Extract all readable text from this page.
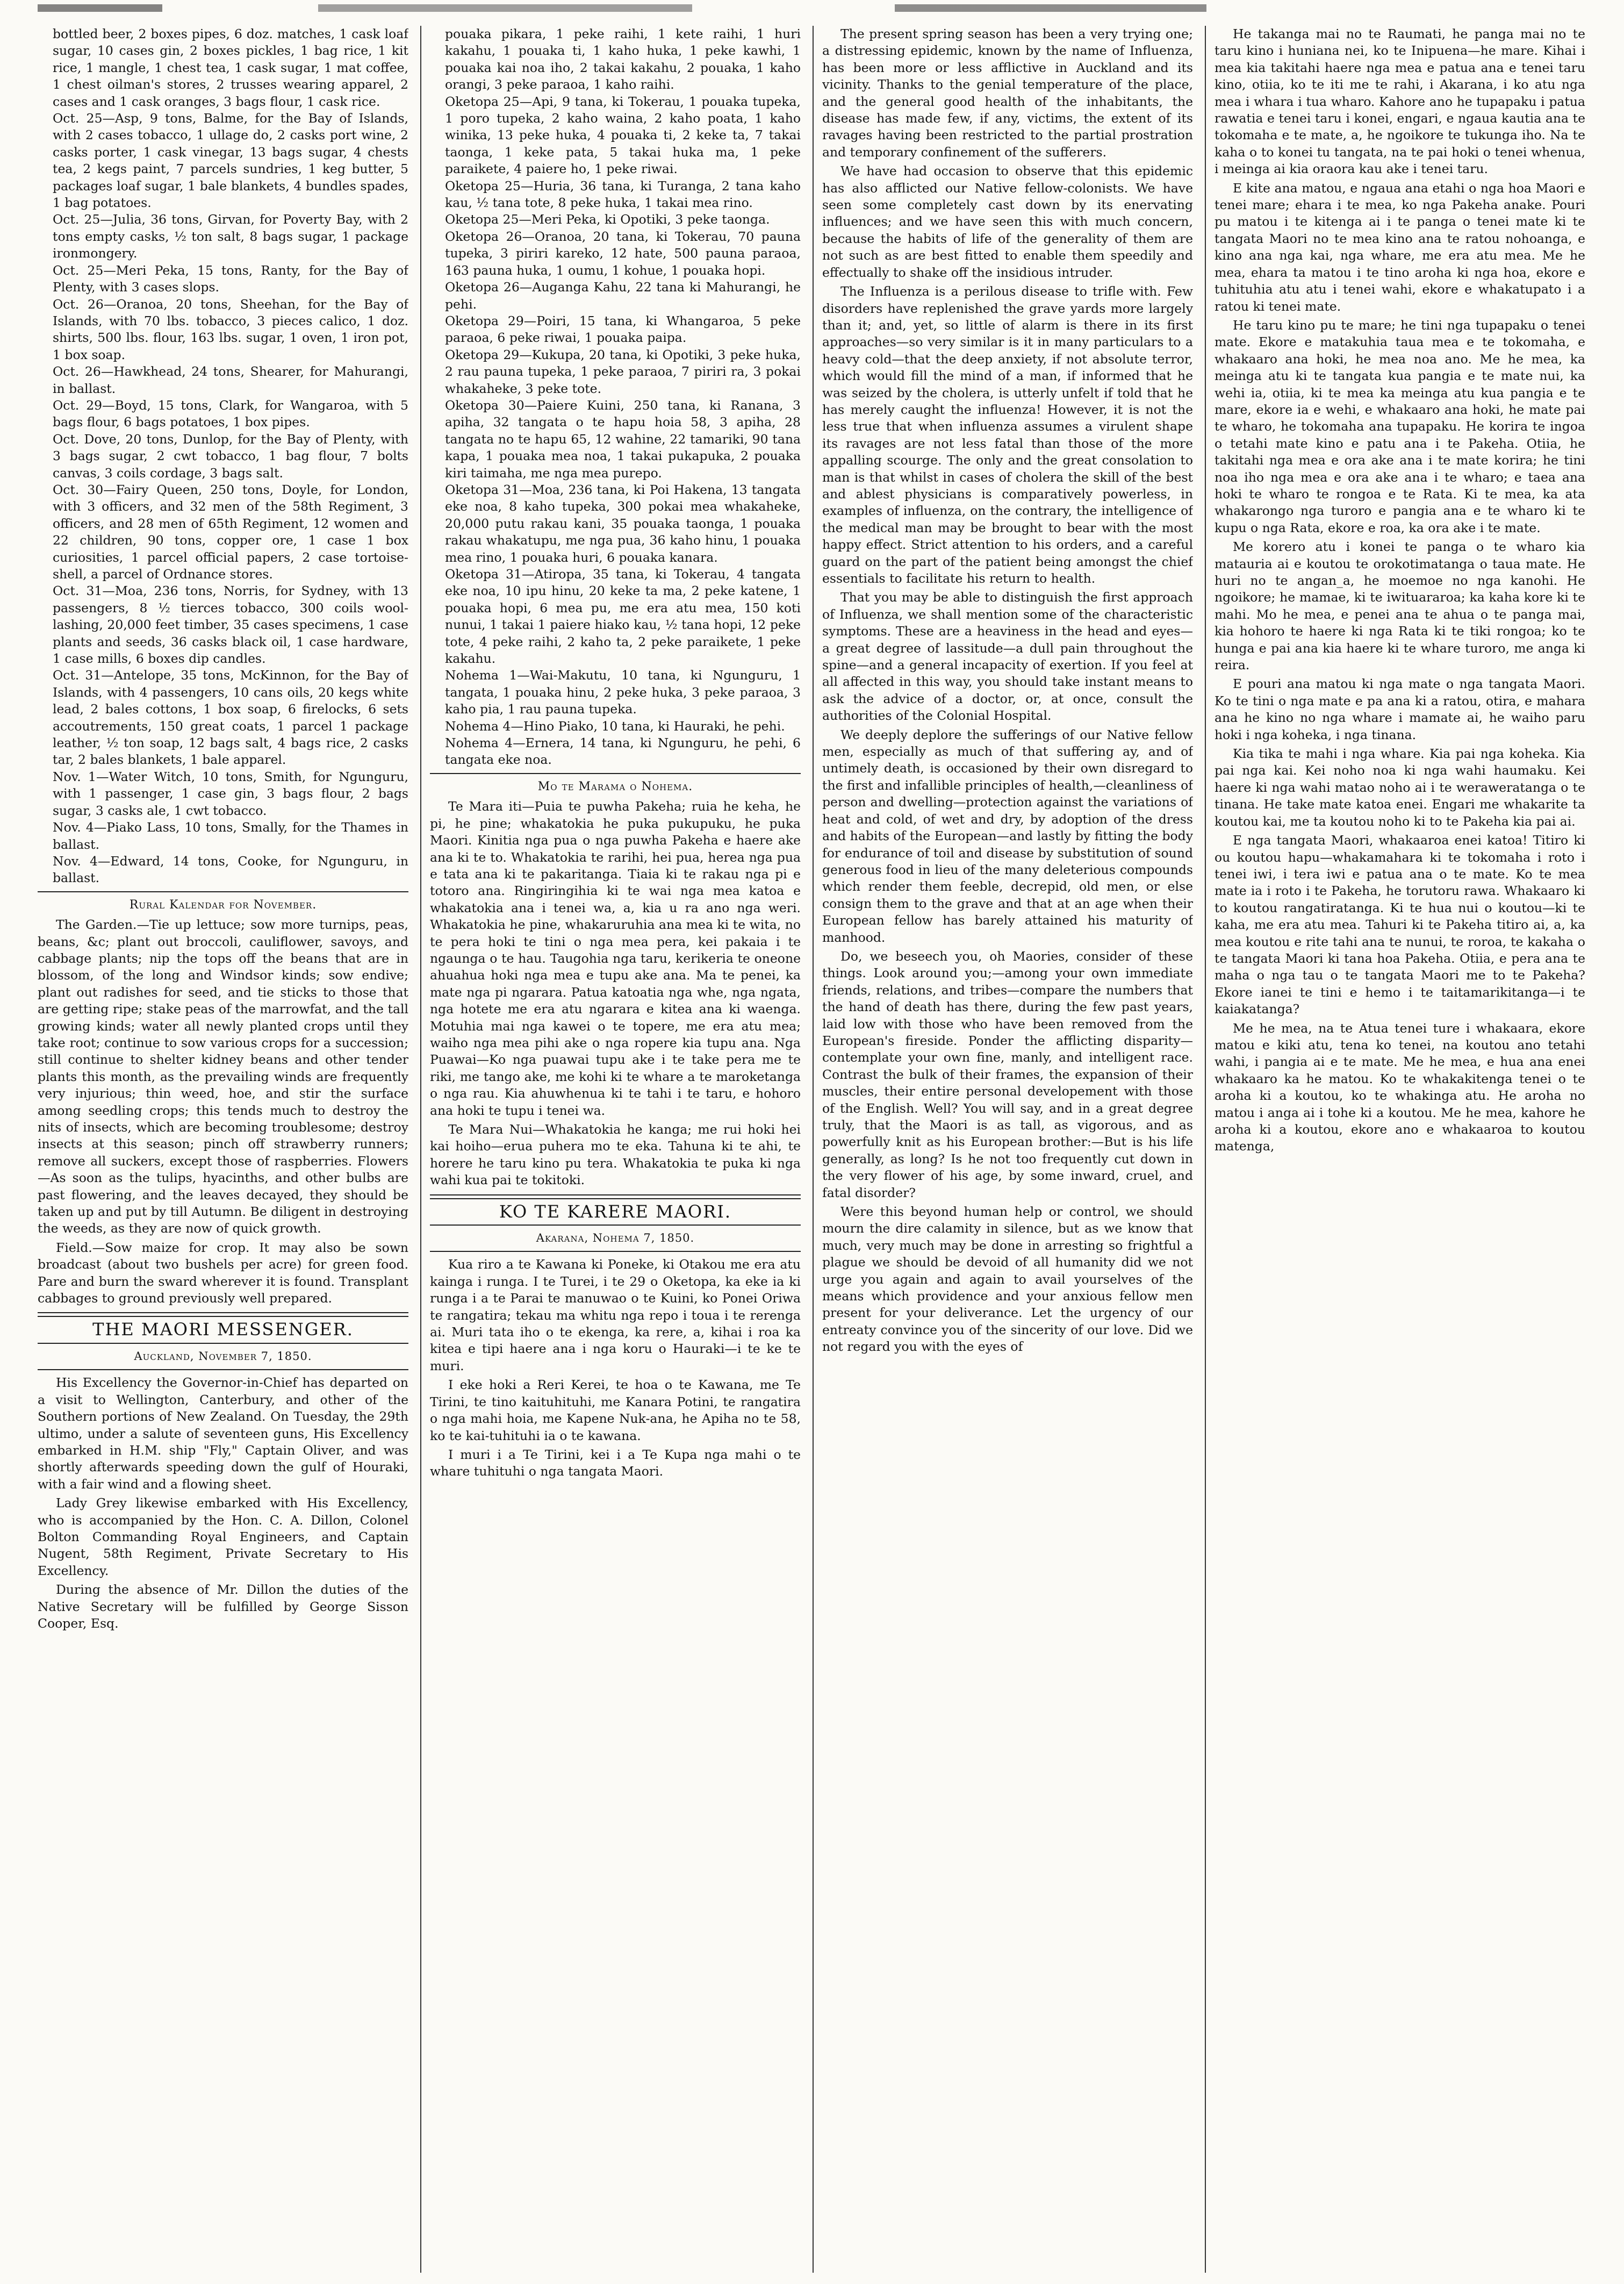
bottled beer, 2 boxes pipes, 6 doz. matches, 1 cask loaf sugar, 10 cases gin, 2 boxes pickles, 1 bag rice, 1 kit rice, 1 mangle, 1 chest tea, 1 cask sugar, 1 mat coffee, 1 chest oilman's stores, 2 trusses wearing apparel, 2 cases and 1 cask oranges, 3 bags flour, 1 cask rice.

Oct. 25—Asp, 9 tons, Balme, for the Bay of Islands, with 2 cases tobacco, 1 ullage do, 2 casks port wine, 2 casks porter, 1 cask vinegar, 13 bags sugar, 4 chests tea, 2 kegs paint, 7 parcels sundries, 1 keg butter, 5 packages loaf sugar, 1 bale blankets, 4 bundles spades, 1 bag potatoes.

Oct. 25—Julia, 36 tons, Girvan, for Poverty Bay, with 2 tons empty casks, ½ ton salt, 8 bags sugar, 1 package ironmongery.

Oct. 25—Meri Peka, 15 tons, Ranty, for the Bay of Plenty, with 3 cases slops.

Oct. 26—Oranoa, 20 tons, Sheehan, for the Bay of Islands, with 70 lbs. tobacco, 3 pieces calico, 1 doz. shirts, 500 lbs. flour, 163 lbs. sugar, 1 oven, 1 iron pot, 1 box soap.

Oct. 26—Hawkhead, 24 tons, Shearer, for Mahurangi, in ballast.

Oct. 29—Boyd, 15 tons, Clark, for Wangaroa, with 5 bags flour, 6 bags potatoes, 1 box pipes.

Oct. Dove, 20 tons, Dunlop, for the Bay of Plenty, with 3 bags sugar, 2 cwt tobacco, 1 bag flour, 7 bolts canvas, 3 coils cordage, 3 bags salt.

Oct. 30—Fairy Queen, 250 tons, Doyle, for London, with 3 officers, and 32 men of the 58th Regiment, 3 officers, and 28 men of 65th Regiment, 12 women and 22 children, 90 tons, copper ore, 1 case 1 box curiosities, 1 parcel official papers, 2 case tortoise-shell, a parcel of Ordnance stores.

Oct. 31—Moa, 236 tons, Norris, for Sydney, with 13 passengers, 8 ½ tierces tobacco, 300 coils wool-lashing, 20,000 feet timber, 35 cases specimens, 1 case plants and seeds, 36 casks black oil, 1 case hardware, 1 case mills, 6 boxes dip candles.

Oct. 31—Antelope, 35 tons, McKinnon, for the Bay of Islands, with 4 passengers, 10 cans oils, 20 kegs white lead, 2 bales cottons, 1 box soap, 6 firelocks, 6 sets accoutrements, 150 great coats, 1 parcel 1 package leather, ½ ton soap, 12 bags salt, 4 bags rice, 2 casks tar, 2 bales blankets, 1 bale apparel.

Nov. 1—Water Witch, 10 tons, Smith, for Ngunguru, with 1 passenger, 1 case gin, 3 bags flour, 2 bags sugar, 3 casks ale, 1 cwt tobacco.

Nov. 4—Piako Lass, 10 tons, Smally, for the Thames in ballast.

Nov. 4—Edward, 14 tons, Cooke, for Ngunguru, in ballast.

Rural Kalendar for November.

The Garden.—Tie up lettuce; sow more turnips, peas, beans, &c; plant out broccoli, cauliflower, savoys, and cabbage plants; nip the tops off the beans that are in blossom, of the long and Windsor kinds; sow endive; plant out radishes for seed, and tie sticks to those that are getting ripe; stake peas of the marrowfat, and the tall growing kinds; water all newly planted crops until they take root; continue to sow various crops for a succession; still continue to shelter kidney beans and other tender plants this month, as the prevailing winds are frequently very injurious; thin weed, hoe, and stir the surface among seedling crops; this tends much to destroy the nits of insects, which are becoming troublesome; destroy insects at this season; pinch off strawberry runners; remove all suckers, except those of raspberries. Flowers—As soon as the tulips, hyacinths, and other bulbs are past flowering, and the leaves decayed, they should be taken up and put by till Autumn. Be diligent in destroying the weeds, as they are now of quick growth.

Field.—Sow maize for crop. It may also be sown broadcast (about two bushels per acre) for green food. Pare and burn the sward wherever it is found. Transplant cabbages to ground previously well prepared.

THE MAORI MESSENGER.
Auckland, November 7, 1850.

His Excellency the Governor-in-Chief has departed on a visit to Wellington, Canterbury, and other of the Southern portions of New Zealand. On Tuesday, the 29th ultimo, under a salute of seventeen guns, His Excellency embarked in H.M. ship "Fly," Captain Oliver, and was shortly afterwards speeding down the gulf of Houraki, with a fair wind and a flowing sheet.

Lady Grey likewise embarked with His Excellency, who is accompanied by the Hon. C. A. Dillon, Colonel Bolton Commanding Royal Engineers, and Captain Nugent, 58th Regiment, Private Secretary to His Excellency.

During the absence of Mr. Dillon the duties of the Native Secretary will be fulfilled by George Sisson Cooper, Esq.

pouaka pikara, 1 peke raihi, 1 kete raihi, 1 huri kakahu, 1 pouaka ti, 1 kaho huka, 1 peke kawhi, 1 pouaka kai noa iho, 2 takai kakahu, 2 pouaka, 1 kaho orangi, 3 peke paraoa, 1 kaho raihi.

Oketopa 25—Api, 9 tana, ki Tokerau, 1 pouaka tupeka, 1 poro tupeka, 2 kaho waina, 2 kaho poata, 1 kaho winika, 13 peke huka, 4 pouaka ti, 2 keke ta, 7 takai taonga, 1 keke pata, 5 takai huka ma, 1 peke paraikete, 4 paiere ho, 1 peke riwai.

Oketopa 25—Huria, 36 tana, ki Turanga, 2 tana kaho kau, ½ tana tote, 8 peke huka, 1 takai mea rino.

Oketopa 25—Meri Peka, ki Opotiki, 3 peke taonga.

Oketopa 26—Oranoa, 20 tana, ki Tokerau, 70 pauna tupeka, 3 piriri kareko, 12 hate, 500 pauna paraoa, 163 pauna huka, 1 oumu, 1 kohue, 1 pouaka hopi.

Oketopa 26—Auganga Kahu, 22 tana ki Mahurangi, he pehi.

Oketopa 29—Poiri, 15 tana, ki Whangaroa, 5 peke paraoa, 6 peke riwai, 1 pouaka paipa.

Oketopa 29—Kukupa, 20 tana, ki Opotiki, 3 peke huka, 2 rau pauna tupeka, 1 peke paraoa, 7 piriri ra, 3 pokai whakaheke, 3 peke tote.

Oketopa 30—Paiere Kuini, 250 tana, ki Ranana, 3 apiha, 32 tangata o te hapu hoia 58, 3 apiha, 28 tangata no te hapu 65, 12 wahine, 22 tamariki, 90 tana kapa, 1 pouaka mea noa, 1 takai pukapuka, 2 pouaka kiri taimaha, me nga mea purepo.

Oketopa 31—Moa, 236 tana, ki Poi Hakena, 13 tangata eke noa, 8 kaho tupeka, 300 pokai mea whakaheke, 20,000 putu rakau kani, 35 pouaka taonga, 1 pouaka rakau whakatupu, me nga pua, 36 kaho hinu, 1 pouaka mea rino, 1 pouaka huri, 6 pouaka kanara.

Oketopa 31—Atiropa, 35 tana, ki Tokerau, 4 tangata eke noa, 10 ipu hinu, 20 keke ta ma, 2 peke katene, 1 pouaka hopi, 6 mea pu, me era atu mea, 150 koti nunui, 1 takai 1 paiere hiako kau, ½ tana hopi, 12 peke tote, 4 peke raihi, 2 kaho ta, 2 peke paraikete, 1 peke kakahu.

Nohema 1—Wai-Makutu, 10 tana, ki Ngunguru, 1 tangata, 1 pouaka hinu, 2 peke huka, 3 peke paraoa, 3 kaho pia, 1 rau pauna tupeka.

Nohema 4—Hino Piako, 10 tana, ki Hauraki, he pehi.

Nohema 4—Ernera, 14 tana, ki Ngunguru, he pehi, 6 tangata eke noa.

Mo te Marama o Nohema.

Te Mara iti—Puia te puwha Pakeha; ruia he keha, he pi, he pine; whakatokia he puka pukupuku, he puka Maori. Kinitia nga pua o nga puwha Pakeha e haere ake ana ki te to. Whakatokia te rarihi, hei pua, herea nga pua e tata ana ki te pakaritanga. Tiaia ki te rakau nga pi e totoro ana. Ringiringihia ki te wai nga mea katoa e whakatokia ana i tenei wa, a, kia u ra ano nga weri. Whakatokia he pine, whakaruruhia ana mea ki te wita, no te pera hoki te tini o nga mea pera, kei pakaia i te ngaunga o te hau. Taugohia nga taru, kerikeria te oneone ahuahua hoki nga mea e tupu ake ana. Ma te penei, ka mate nga pi ngarara. Patua katoatia nga whe, nga ngata, nga hotete me era atu ngarara e kitea ana ki waenga. Motuhia mai nga kawei o te topere, me era atu mea; waiho nga mea pihi ake o nga ropere kia tupu ana. Nga Puawai—Ko nga puawai tupu ake i te take pera me te riki, me tango ake, me kohi ki te whare a te maroketanga o nga rau. Kia ahuwhenua ki te tahi i te taru, e hohoro ana hoki te tupu i tenei wa.

Te Mara Nui—Whakatokia he kanga; me rui hoki hei kai hoiho—erua puhera mo te eka. Tahuna ki te ahi, te horere he taru kino pu tera. Whakatokia te puka ki nga wahi kua pai te tokitoki.

KO TE KARERE MAORI.
Akarana, Nohema 7, 1850.

Kua riro a te Kawana ki Poneke, ki Otakou me era atu kainga i runga. I te Turei, i te 29 o Oketopa, ka eke ia ki runga i a te Parai te manuwao o te Kuini, ko Ponei Oriwa te rangatira; tekau ma whitu nga repo i toua i te rerenga ai. Muri tata iho o te ekenga, ka rere, a, kihai i roa ka kitea e tipi haere ana i nga koru o Hauraki—i te ke te muri.

I eke hoki a Reri Kerei, te hoa o te Kawana, me Te Tirini, te tino kaituhituhi, me Kanara Potini, te rangatira o nga mahi hoia, me Kapene Nuk-ana, he Apiha no te 58, ko te kai-tuhituhi ia o te kawana.

I muri i a Te Tirini, kei i a Te Kupa nga mahi o te whare tuhituhi o nga tangata Maori.

The present spring season has been a very trying one; a distressing epidemic, known by the name of Influenza, has been more or less afflictive in Auckland and its vicinity. Thanks to the genial temperature of the place, and the general good health of the inhabitants, the disease has made few, if any, victims, the extent of its ravages having been restricted to the partial prostration and temporary confinement of the sufferers.

We have had occasion to observe that this epidemic has also afflicted our Native fellow-colonists. We have seen some completely cast down by its enervating influences; and we have seen this with much concern, because the habits of life of the generality of them are not such as are best fitted to enable them speedily and effectually to shake off the insidious intruder.

The Influenza is a perilous disease to trifle with. Few disorders have replenished the grave yards more largely than it; and, yet, so little of alarm is there in its first approaches—so very similar is it in many particulars to a heavy cold—that the deep anxiety, if not absolute terror, which would fill the mind of a man, if informed that he was seized by the cholera, is utterly unfelt if told that he has merely caught the influenza! However, it is not the less true that when influenza assumes a virulent shape its ravages are not less fatal than those of the more appalling scourge. The only and the great consolation to man is that whilst in cases of cholera the skill of the best and ablest physicians is comparatively powerless, in examples of influenza, on the contrary, the intelligence of the medical man may be brought to bear with the most happy effect. Strict attention to his orders, and a careful guard on the part of the patient being amongst the chief essentials to facilitate his return to health.

That you may be able to distinguish the first approach of Influenza, we shall mention some of the characteristic symptoms. These are a heaviness in the head and eyes—a great degree of lassitude—a dull pain throughout the spine—and a general incapacity of exertion. If you feel at all affected in this way, you should take instant means to ask the advice of a doctor, or, at once, consult the authorities of the Colonial Hospital.

We deeply deplore the sufferings of our Native fellow men, especially as much of that suffering ay, and of untimely death, is occasioned by their own disregard to the first and infallible principles of health,—cleanliness of person and dwelling—protection against the variations of heat and cold, of wet and dry, by adoption of the dress and habits of the European—and lastly by fitting the body for endurance of toil and disease by substitution of sound generous food in lieu of the many deleterious compounds which render them feeble, decrepid, old men, or else consign them to the grave and that at an age when their European fellow has barely attained his maturity of manhood.

Do, we beseech you, oh Maories, consider of these things. Look around you;—among your own immediate friends, relations, and tribes—compare the numbers that the hand of death has there, during the few past years, laid low with those who have been removed from the European's fireside. Ponder the afflicting disparity—contemplate your own fine, manly, and intelligent race. Contrast the bulk of their frames, the expansion of their muscles, their entire personal developement with those of the English. Well? You will say, and in a great degree truly, that the Maori is as tall, as vigorous, and as powerfully knit as his European brother:—But is his life generally, as long? Is he not too frequently cut down in the very flower of his age, by some inward, cruel, and fatal disorder?

Were this beyond human help or control, we should mourn the dire calamity in silence, but as we know that much, very much may be done in arresting so frightful a plague we should be devoid of all humanity did we not urge you again and again to avail yourselves of the means which providence and your anxious fellow men present for your deliverance. Let the urgency of our entreaty convince you of the sincerity of our love. Did we not regard you with the eyes of

He takanga mai no te Raumati, he panga mai no te taru kino i huniana nei, ko te Inipuena—he mare. Kihai i mea kia takitahi haere nga mea e patua ana e tenei taru kino, otiia, ko te iti me te rahi, i Akarana, i ko atu nga mea i whara i tua wharo. Kahore ano he tupapaku i patua rawatia e tenei taru i konei, engari, e ngaua kautia ana te tokomaha e te mate, a, he ngoikore te tukunga iho. Na te kaha o to konei tu tangata, na te pai hoki o tenei whenua, i meinga ai kia oraora kau ake i tenei taru.

E kite ana matou, e ngaua ana etahi o nga hoa Maori e tenei mare; ehara i te mea, ko nga Pakeha anake. Pouri pu matou i te kitenga ai i te panga o tenei mate ki te tangata Maori no te mea kino ana te ratou nohoanga, e kino ana nga kai, nga whare, me era atu mea. Me he mea, ehara ta matou i te tino aroha ki nga hoa, ekore e tuhituhia atu atu i tenei wahi, ekore e whakatupato i a ratou ki tenei mate.

He taru kino pu te mare; he tini nga tupapaku o tenei mate. Ekore e matakuhia taua mea e te tokomaha, e whakaaro ana hoki, he mea noa ano. Me he mea, ka meinga atu ki te tangata kua pangia e te mate nui, ka wehi ia, otiia, ki te mea ka meinga atu kua pangia e te mare, ekore ia e wehi, e whakaaro ana hoki, he mate pai te wharo, he tokomaha ana tupapaku. He korira te ingoa o tetahi mate kino e patu ana i te Pakeha. Otiia, he takitahi nga mea e ora ake ana i te mate korira; he tini noa iho nga mea e ora ake ana i te wharo; e taea ana hoki te wharo te rongoa e te Rata. Ki te mea, ka ata whakarongo nga turoro e pangia ana e te wharo ki te kupu o nga Rata, ekore e roa, ka ora ake i te mate.

Me korero atu i konei te panga o te wharo kia matauria ai e koutou te orokotimatanga o taua mate. He huri no te angan_a, he moemoe no nga kanohi. He ngoikore; he mamae, ki te iwituararoa; ka kaha kore ki te mahi. Mo he mea, e penei ana te ahua o te panga mai, kia hohoro te haere ki nga Rata ki te tiki rongoa; ko te hunga e pai ana kia haere ki te whare turoro, me anga ki reira.

E pouri ana matou ki nga mate o nga tangata Maori. Ko te tini o nga mate e pa ana ki a ratou, otira, e mahara ana he kino no nga whare i mamate ai, he waiho paru hoki i nga koheka, i nga tinana.

Kia tika te mahi i nga whare. Kia pai nga koheka. Kia pai nga kai. Kei noho noa ki nga wahi haumaku. Kei haere ki nga wahi matao noho ai i te weraweratanga o te tinana. He take mate katoa enei. Engari me whakarite ta koutou kai, me ta koutou noho ki to te Pakeha kia pai ai.

E nga tangata Maori, whakaaroa enei katoa! Titiro ki ou koutou hapu—whakamahara ki te tokomaha i roto i tenei iwi, i tera iwi e patua ana o te mate. Ko te mea mate ia i roto i te Pakeha, he torutoru rawa. Whakaaro ki to koutou rangatiratanga. Ki te hua nui o koutou—ki te kaha, me era atu mea. Tahuri ki te Pakeha titiro ai, a, ka mea koutou e rite tahi ana te nunui, te roroa, te kakaha o te tangata Maori ki tana hoa Pakeha. Otiia, e pera ana te maha o nga tau o te tangata Maori me to te Pakeha? Ekore ianei te tini e hemo i te taitamarikitanga—i te kaiakatanga?

Me he mea, na te Atua tenei ture i whakaara, ekore matou e kiki atu, tena ko tenei, na koutou ano tetahi wahi, i pangia ai e te mate. Me he mea, e hua ana enei whakaaro ka he matou. Ko te whakakitenga tenei o te aroha ki a koutou, ko te whakinga atu. He aroha no matou i anga ai i tohe ki a koutou. Me he mea, kahore he aroha ki a koutou, ekore ano e whakaaroa to koutou matenga,
